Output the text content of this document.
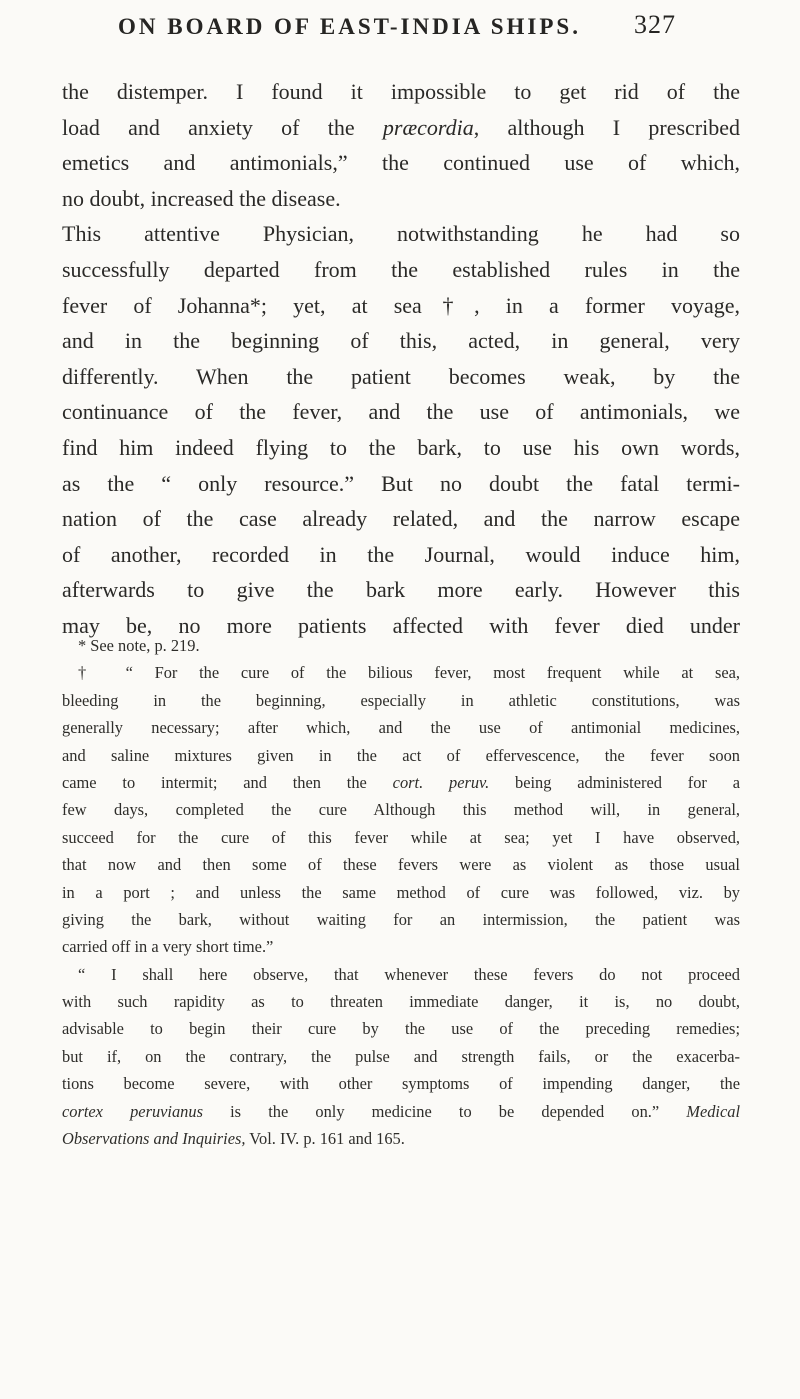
ON BOARD OF EAST-INDIA SHIPS. 327
the distemper. I found it impossible to get rid of the
load and anxiety of the præcordia, although I prescribed
emetics and antimonials,” the continued use of which,
no doubt, increased the disease.
This attentive Physician, notwithstanding he had so
successfully departed from the established rules in the
fever of Johanna*; yet, at sea†, in a former voyage,
and in the beginning of this, acted, in general, very
differently. When the patient becomes weak, by the
continuance of the fever, and the use of antimonials, we
find him indeed flying to the bark, to use his own words,
as the “ only resource.” But no doubt the fatal termi-
nation of the case already related, and the narrow escape
of another, recorded in the Journal, would induce him,
afterwards to give the bark more early. However this
may be, no more patients affected with fever died under
* See note, p. 219.
† “ For the cure of the bilious fever, most frequent while at sea,
bleeding in the beginning, especially in athletic constitutions, was
generally necessary; after which, and the use of antimonial medicines,
and saline mixtures given in the act of effervescence, the fever soon
came to intermit; and then the cort. peruv. being administered for a
few days, completed the cure Although this method will, in general,
succeed for the cure of this fever while at sea; yet I have observed,
that now and then some of these fevers were as violent as those usual
in a port ; and unless the same method of cure was followed, viz. by
giving the bark, without waiting for an intermission, the patient was
carried off in a very short time.”
“ I shall here observe, that whenever these fevers do not proceed
with such rapidity as to threaten immediate danger, it is, no doubt,
advisable to begin their cure by the use of the preceding remedies;
but if, on the contrary, the pulse and strength fails, or the exacerba-
tions become severe, with other symptoms of impending danger, the
cortex peruvianus is the only medicine to be depended on.” Medical
Observations and Inquiries, Vol. IV. p. 161 and 165.
